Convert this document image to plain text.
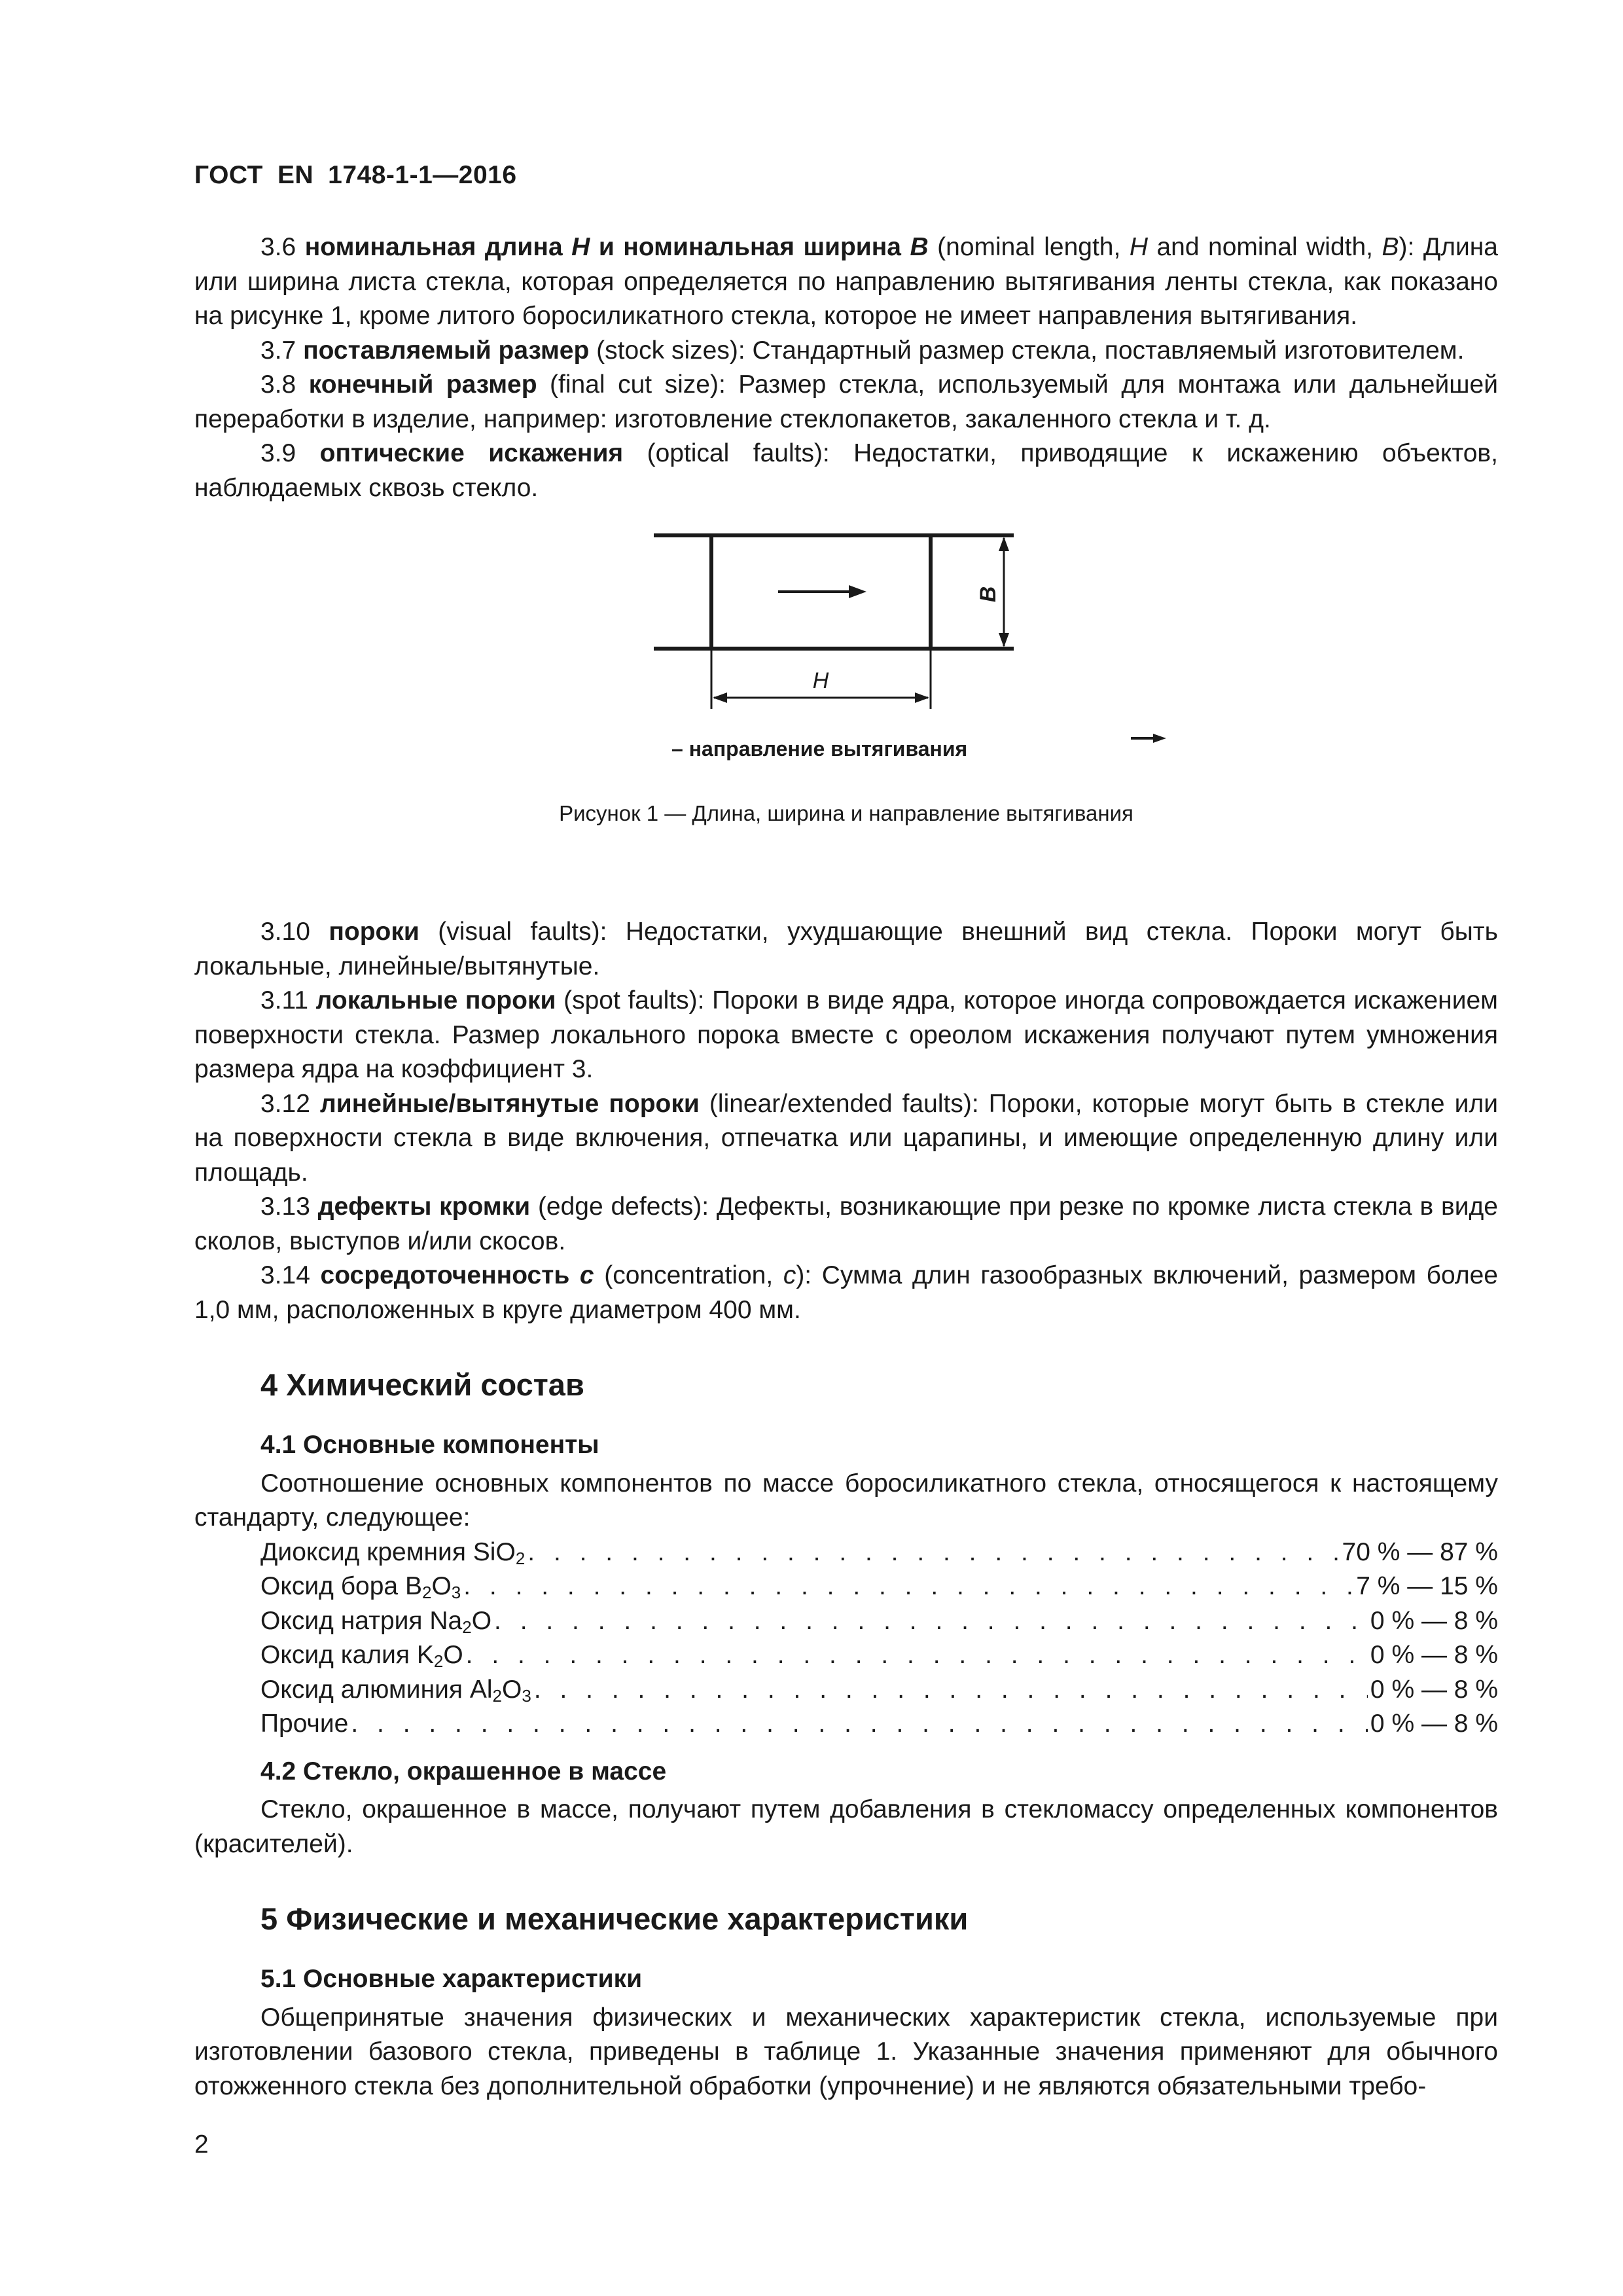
ГОСТ EN 1748-1-1—2016

3.6 номинальная длина H и номинальная ширина B (nominal length, H and nominal width, B): Длина или ширина листа стекла, которая определяется по направлению вытягивания ленты стекла, как показано на рисунке 1, кроме литого боросиликатного стекла, которое не имеет направления вытягивания.

3.7 поставляемый размер (stock sizes): Стандартный размер стекла, поставляемый изготовителем.

3.8 конечный размер (final cut size): Размер стекла, используемый для монтажа или дальнейшей переработки в изделие, например: изготовление стеклопакетов, закаленного стекла и т. д.

3.9 оптические искажения (optical faults): Недостатки, приводящие к искажению объектов, наблюдаемых сквозь стекло.

B
H
– направление вытягивания
Рисунок 1 — Длина, ширина и направление вытягивания

3.10 пороки (visual faults): Недостатки, ухудшающие внешний вид стекла. Пороки могут быть локальные, линейные/вытянутые.

3.11 локальные пороки (spot faults): Пороки в виде ядра, которое иногда сопровождается искажением поверхности стекла. Размер локального порока вместе с ореолом искажения получают путем умножения размера ядра на коэффициент 3.

3.12 линейные/вытянутые пороки (linear/extended faults): Пороки, которые могут быть в стекле или на поверхности стекла в виде включения, отпечатка или царапины, и имеющие определенную длину или площадь.

3.13 дефекты кромки (edge defects): Дефекты, возникающие при резке по кромке листа стекла в виде сколов, выступов и/или скосов.

3.14 сосредоточенность c (concentration, c): Сумма длин газообразных включений, размером более 1,0 мм, расположенных в круге диаметром 400 мм.

4 Химический состав
4.1 Основные компоненты

Соотношение основных компонентов по массе боросиликатного стекла, относящегося к настоящему стандарту, следующее:

Диоксид кремния SiO$_2$ . . .	70 % — 87 %
Оксид бора $B_2O_3$ . . .	7 % — 15 %
Оксид натрия $Na_2O$ . . .	0 % — 8 %
Оксид калия $K_2O$ . . .	0 % — 8 %
Оксид алюминия $Al_2O_3$ . . .	0 % — 8 %
Прочие . . .	0 % — 8 %
4.2 Стекло, окрашенное в массе

Стекло, окрашенное в массе, получают путем добавления в стекломассу определенных компонентов (красителей).

5 Физические и механические характеристики
5.1 Основные характеристики

Общепринятые значения физических и механических характеристик стекла, используемые при изготовлении базового стекла, приведены в таблице 1. Указанные значения применяют для обычного отожженного стекла без дополнительной обработки (упрочнение) и не являются обязательными требо-

2
